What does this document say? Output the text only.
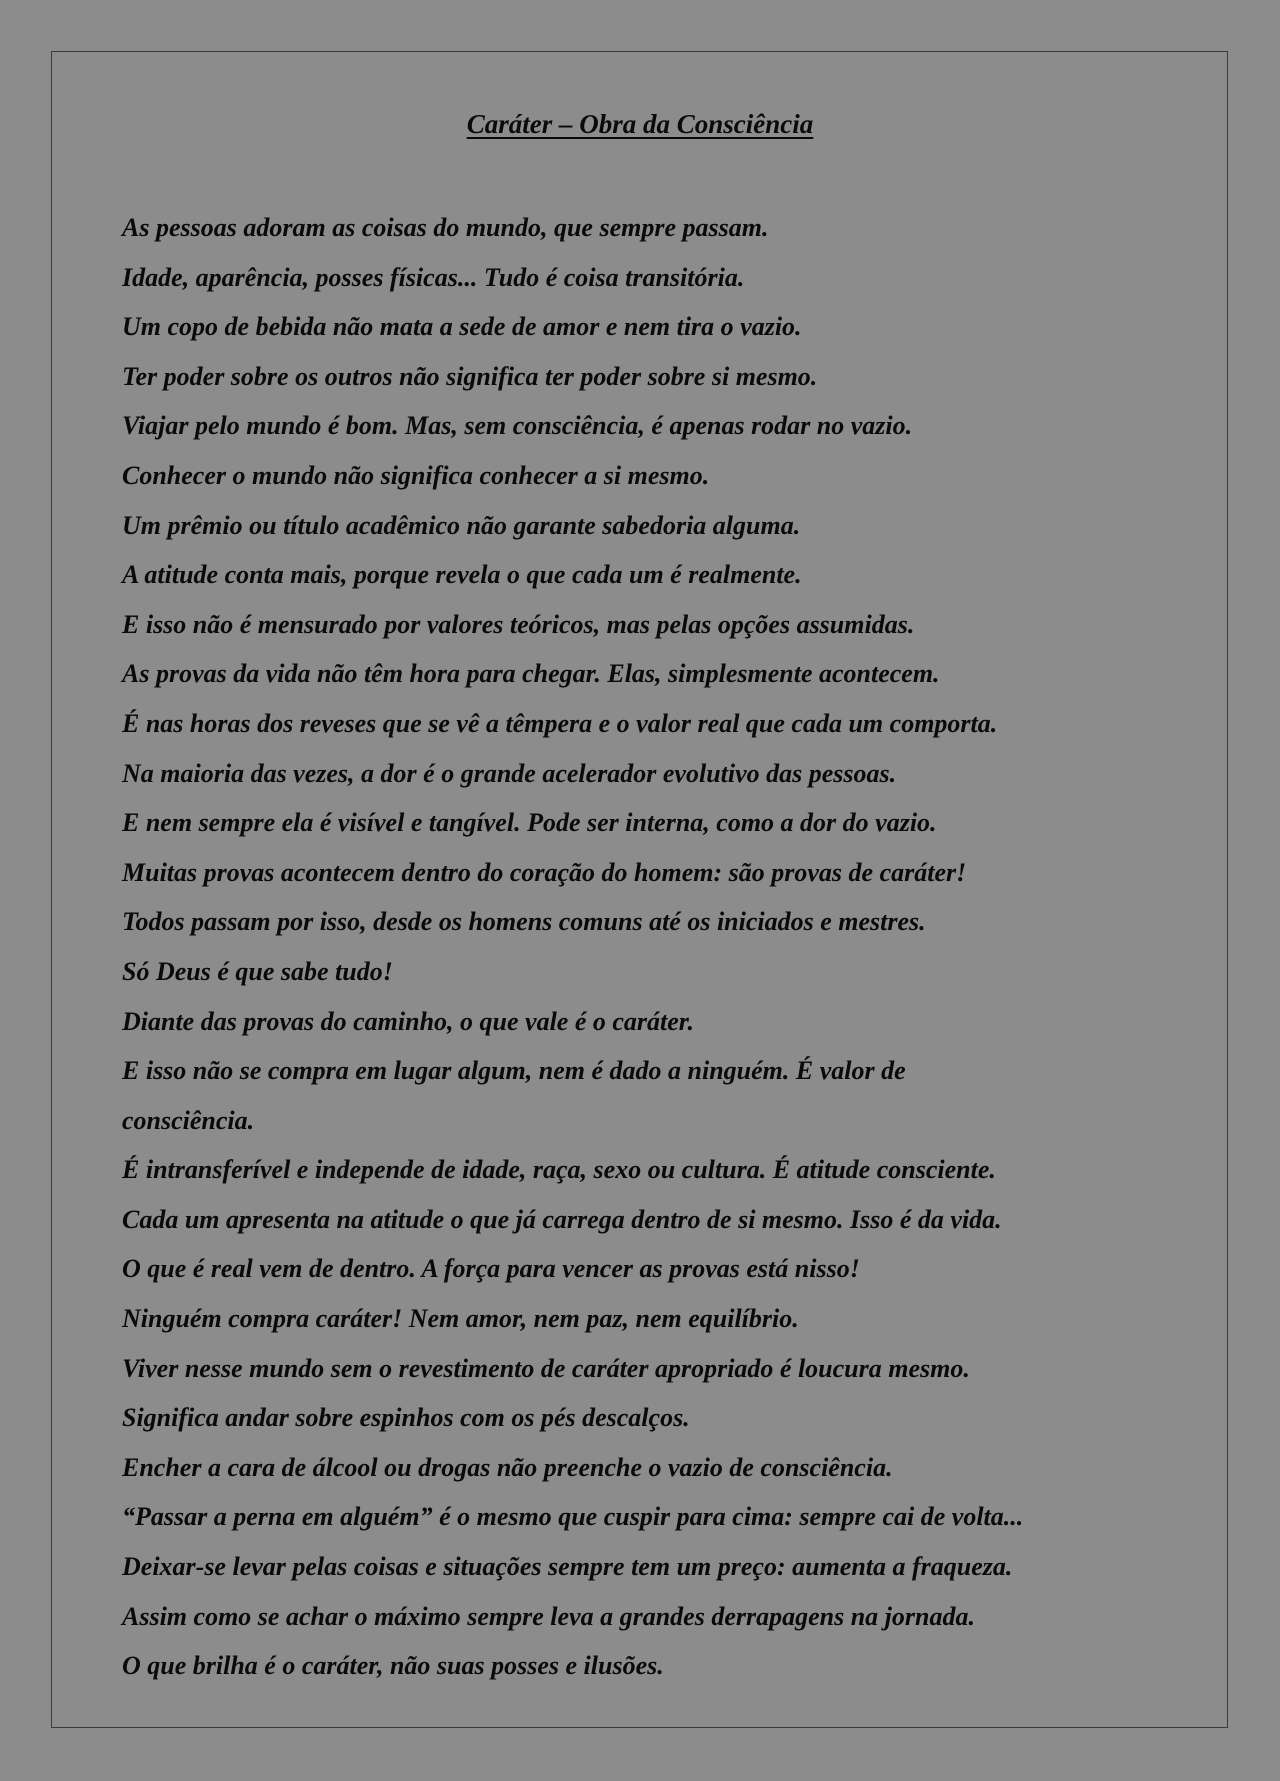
Caráter – Obra da Consciência
As pessoas adoram as coisas do mundo, que sempre passam.
Idade, aparência, posses físicas... Tudo é coisa transitória.
Um copo de bebida não mata a sede de amor e nem tira o vazio.
Ter poder sobre os outros não significa ter poder sobre si mesmo.
Viajar pelo mundo é bom. Mas, sem consciência, é apenas rodar no vazio.
Conhecer o mundo não significa conhecer a si mesmo.
Um prêmio ou título acadêmico não garante sabedoria alguma.
A atitude conta mais, porque revela o que cada um é realmente.
E isso não é mensurado por valores teóricos, mas pelas opções assumidas.
As provas da vida não têm hora para chegar. Elas, simplesmente acontecem.
É nas horas dos reveses que se vê a têmpera e o valor real que cada um comporta.
Na maioria das vezes, a dor é o grande acelerador evolutivo das pessoas.
E nem sempre ela é visível e tangível. Pode ser interna, como a dor do vazio.
Muitas provas acontecem dentro do coração do homem: são provas de caráter!
Todos passam por isso, desde os homens comuns até os iniciados e mestres.
Só Deus é que sabe tudo!
Diante das provas do caminho, o que vale é o caráter.
E isso não se compra em lugar algum, nem é dado a ninguém. É valor de
consciência.
É intransferível e independe de idade, raça, sexo ou cultura. É atitude consciente.
Cada um apresenta na atitude o que já carrega dentro de si mesmo. Isso é da vida.
O que é real vem de dentro. A força para vencer as provas está nisso!
Ninguém compra caráter! Nem amor, nem paz, nem equilíbrio.
Viver nesse mundo sem o revestimento de caráter apropriado é loucura mesmo.
Significa andar sobre espinhos com os pés descalços.
Encher a cara de álcool ou drogas não preenche o vazio de consciência.
“Passar a perna em alguém” é o mesmo que cuspir para cima: sempre cai de volta...
Deixar-se levar pelas coisas e situações sempre tem um preço: aumenta a fraqueza.
Assim como se achar o máximo sempre leva a grandes derrapagens na jornada.
O que brilha é o caráter, não suas posses e ilusões.
